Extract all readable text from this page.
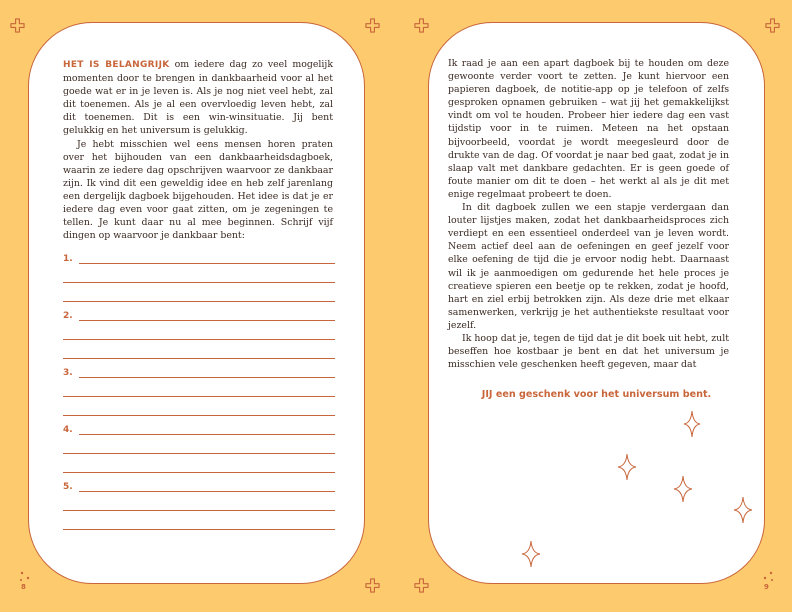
8	9

HET IS BELANGRIJK om iedere dag zo veel mogelijk momenten door te brengen in dankbaarheid voor al het goede wat er in je leven is. Als je nog niet veel hebt, zal dit toenemen. Als je al een overvloedig leven hebt, zal dit toenemen. Dit is een win-winsituatie. Jij bent gelukkig en het universum is gelukkig.

Je hebt misschien wel eens mensen horen praten over het bijhouden van een dankbaarheidsdagboek, waarin ze iedere dag opschrijven waarvoor ze dankbaar zijn. Ik vind dit een geweldig idee en heb zelf jarenlang een dergelijk dagboek bijgehouden. Het idee is dat je er iedere dag even voor gaat zitten, om je zegeningen te tellen. Je kunt daar nu al mee beginnen. Schrijf vijf dingen op waarvoor je dankbaar bent:

1.
2.
3.
4.
5.

Ik raad je aan een apart dagboek bij te houden om deze gewoonte verder voort te zetten. Je kunt hiervoor een papieren dagboek, de notitie-app op je telefoon of zelfs gesproken opnamen gebruiken – wat jij het gemakkelijkst vindt om vol te houden. Probeer hier iedere dag een vast tijdstip voor in te ruimen. Meteen na het opstaan bijvoorbeeld, voordat je wordt meegesleurd door de drukte van de dag. Of voordat je naar bed gaat, zodat je in slaap valt met dankbare gedachten. Er is geen goede of foute manier om dit te doen – het werkt al als je dit met enige regelmaat probeert te doen.

In dit dagboek zullen we een stapje verdergaan dan louter lijstjes maken, zodat het dankbaarheidsproces zich verdiept en een essentieel onderdeel van je leven wordt. Neem actief deel aan de oefeningen en geef jezelf voor elke oefening de tijd die je ervoor nodig hebt. Daarnaast wil ik je aanmoedigen om gedurende het hele proces je creatieve spieren een beetje op te rekken, zodat je hoofd, hart en ziel erbij betrokken zijn. Als deze drie met elkaar samenwerken, verkrijg je het authentiekste resultaat voor jezelf.

Ik hoop dat je, tegen de tijd dat je dit boek uit hebt, zult beseffen hoe kostbaar je bent en dat het universum je misschien vele geschenken heeft gegeven, maar dat

JIJ een geschenk voor het universum bent.
